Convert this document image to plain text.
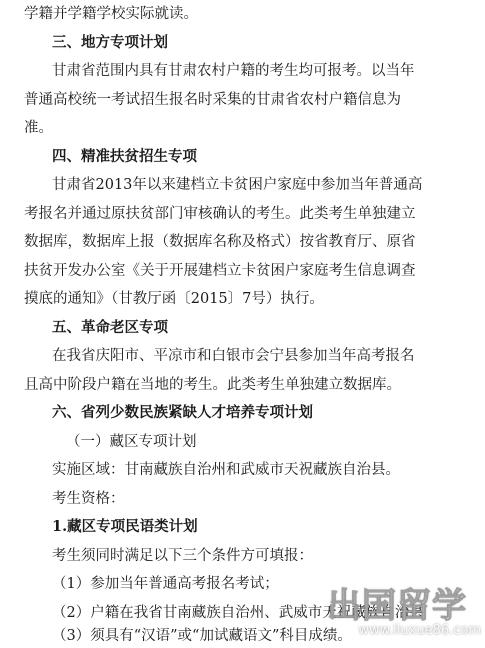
学籍并学籍学校实际就读。
三、地方专项计划
甘肃省范围内具有甘肃农村户籍的考生均可报考。以当年
普通高校统一考试招生报名时采集的甘肃省农村户籍信息为
准。
四、精准扶贫招生专项
甘肃省2013年以来建档立卡贫困户家庭中参加当年普通高
考报名并通过原扶贫部门审核确认的考生。此类考生单独建立
数据库，数据库上报（数据库名称及格式）按省教育厅、原省
扶贫开发办公室《关于开展建档立卡贫困户家庭考生信息调查
摸底的通知》（甘教厅函〔2015〕7号）执行。
五、革命老区专项
在我省庆阳市、平凉市和白银市会宁县参加当年高考报名
且高中阶段户籍在当地的考生。此类考生单独建立数据库。
六、省列少数民族紧缺人才培养专项计划
（一）藏区专项计划
实施区域：甘南藏族自治州和武威市天祝藏族自治县。
考生资格：
1.藏区专项民语类计划
考生须同时满足以下三个条件方可填报：
（1）参加当年普通高考报名考试；
（2）户籍在我省甘南藏族自治州、武威市天祝藏族自治县
（3）须具有“汉语”或“加试藏语文”科目成绩。
出国留学
www.liuxue86.com
